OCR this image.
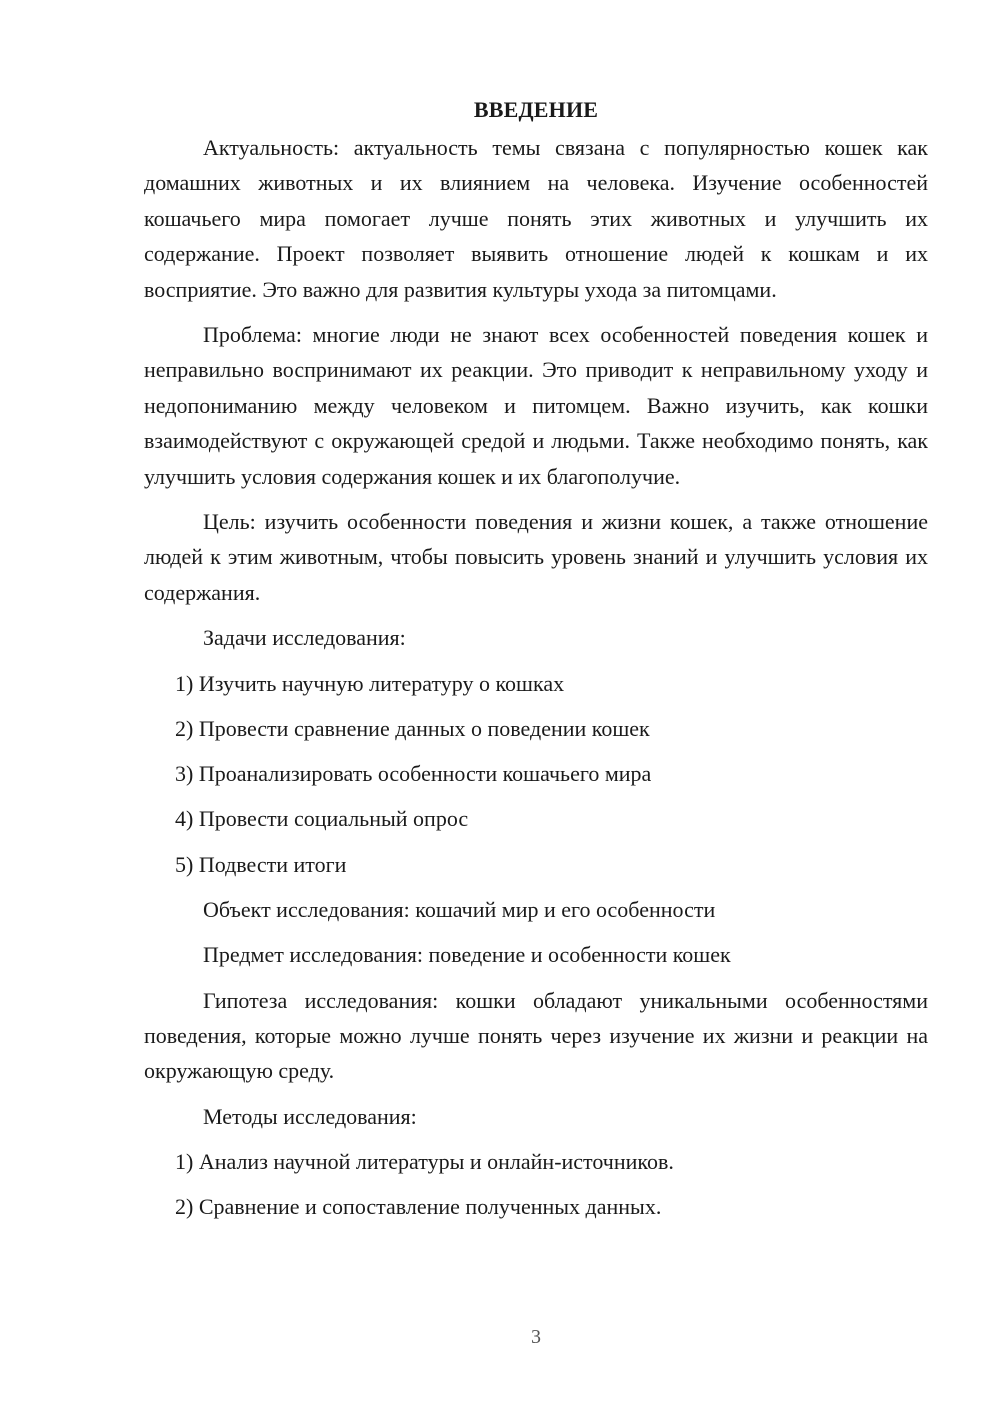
ВВЕДЕНИЕ

Актуальность: актуальность темы связана с популярностью кошек как домашних животных и их влиянием на человека. Изучение особенностей кошачьего мира помогает лучше понять этих животных и улучшить их содержание. Проект позволяет выявить отношение людей к кошкам и их восприятие. Это важно для развития культуры ухода за питомцами.

Проблема: многие люди не знают всех особенностей поведения кошек и неправильно воспринимают их реакции. Это приводит к неправильному уходу и недопониманию между человеком и питомцем. Важно изучить, как кошки взаимодействуют с окружающей средой и людьми. Также необходимо понять, как улучшить условия содержания кошек и их благополучие.

Цель: изучить особенности поведения и жизни кошек, а также отношение людей к этим животным, чтобы повысить уровень знаний и улучшить условия их содержания.

Задачи исследования:
1) Изучить научную литературу о кошках
2) Провести сравнение данных о поведении кошек
3) Проанализировать особенности кошачьего мира
4) Провести социальный опрос
5) Подвести итоги
Объект исследования: кошачий мир и его особенности
Предмет исследования: поведение и особенности кошек

Гипотеза исследования: кошки обладают уникальными особенностями поведения, которые можно лучше понять через изучение их жизни и реакции на окружающую среду.

Методы исследования:
1) Анализ научной литературы и онлайн-источников.
2) Сравнение и сопоставление полученных данных.
3
